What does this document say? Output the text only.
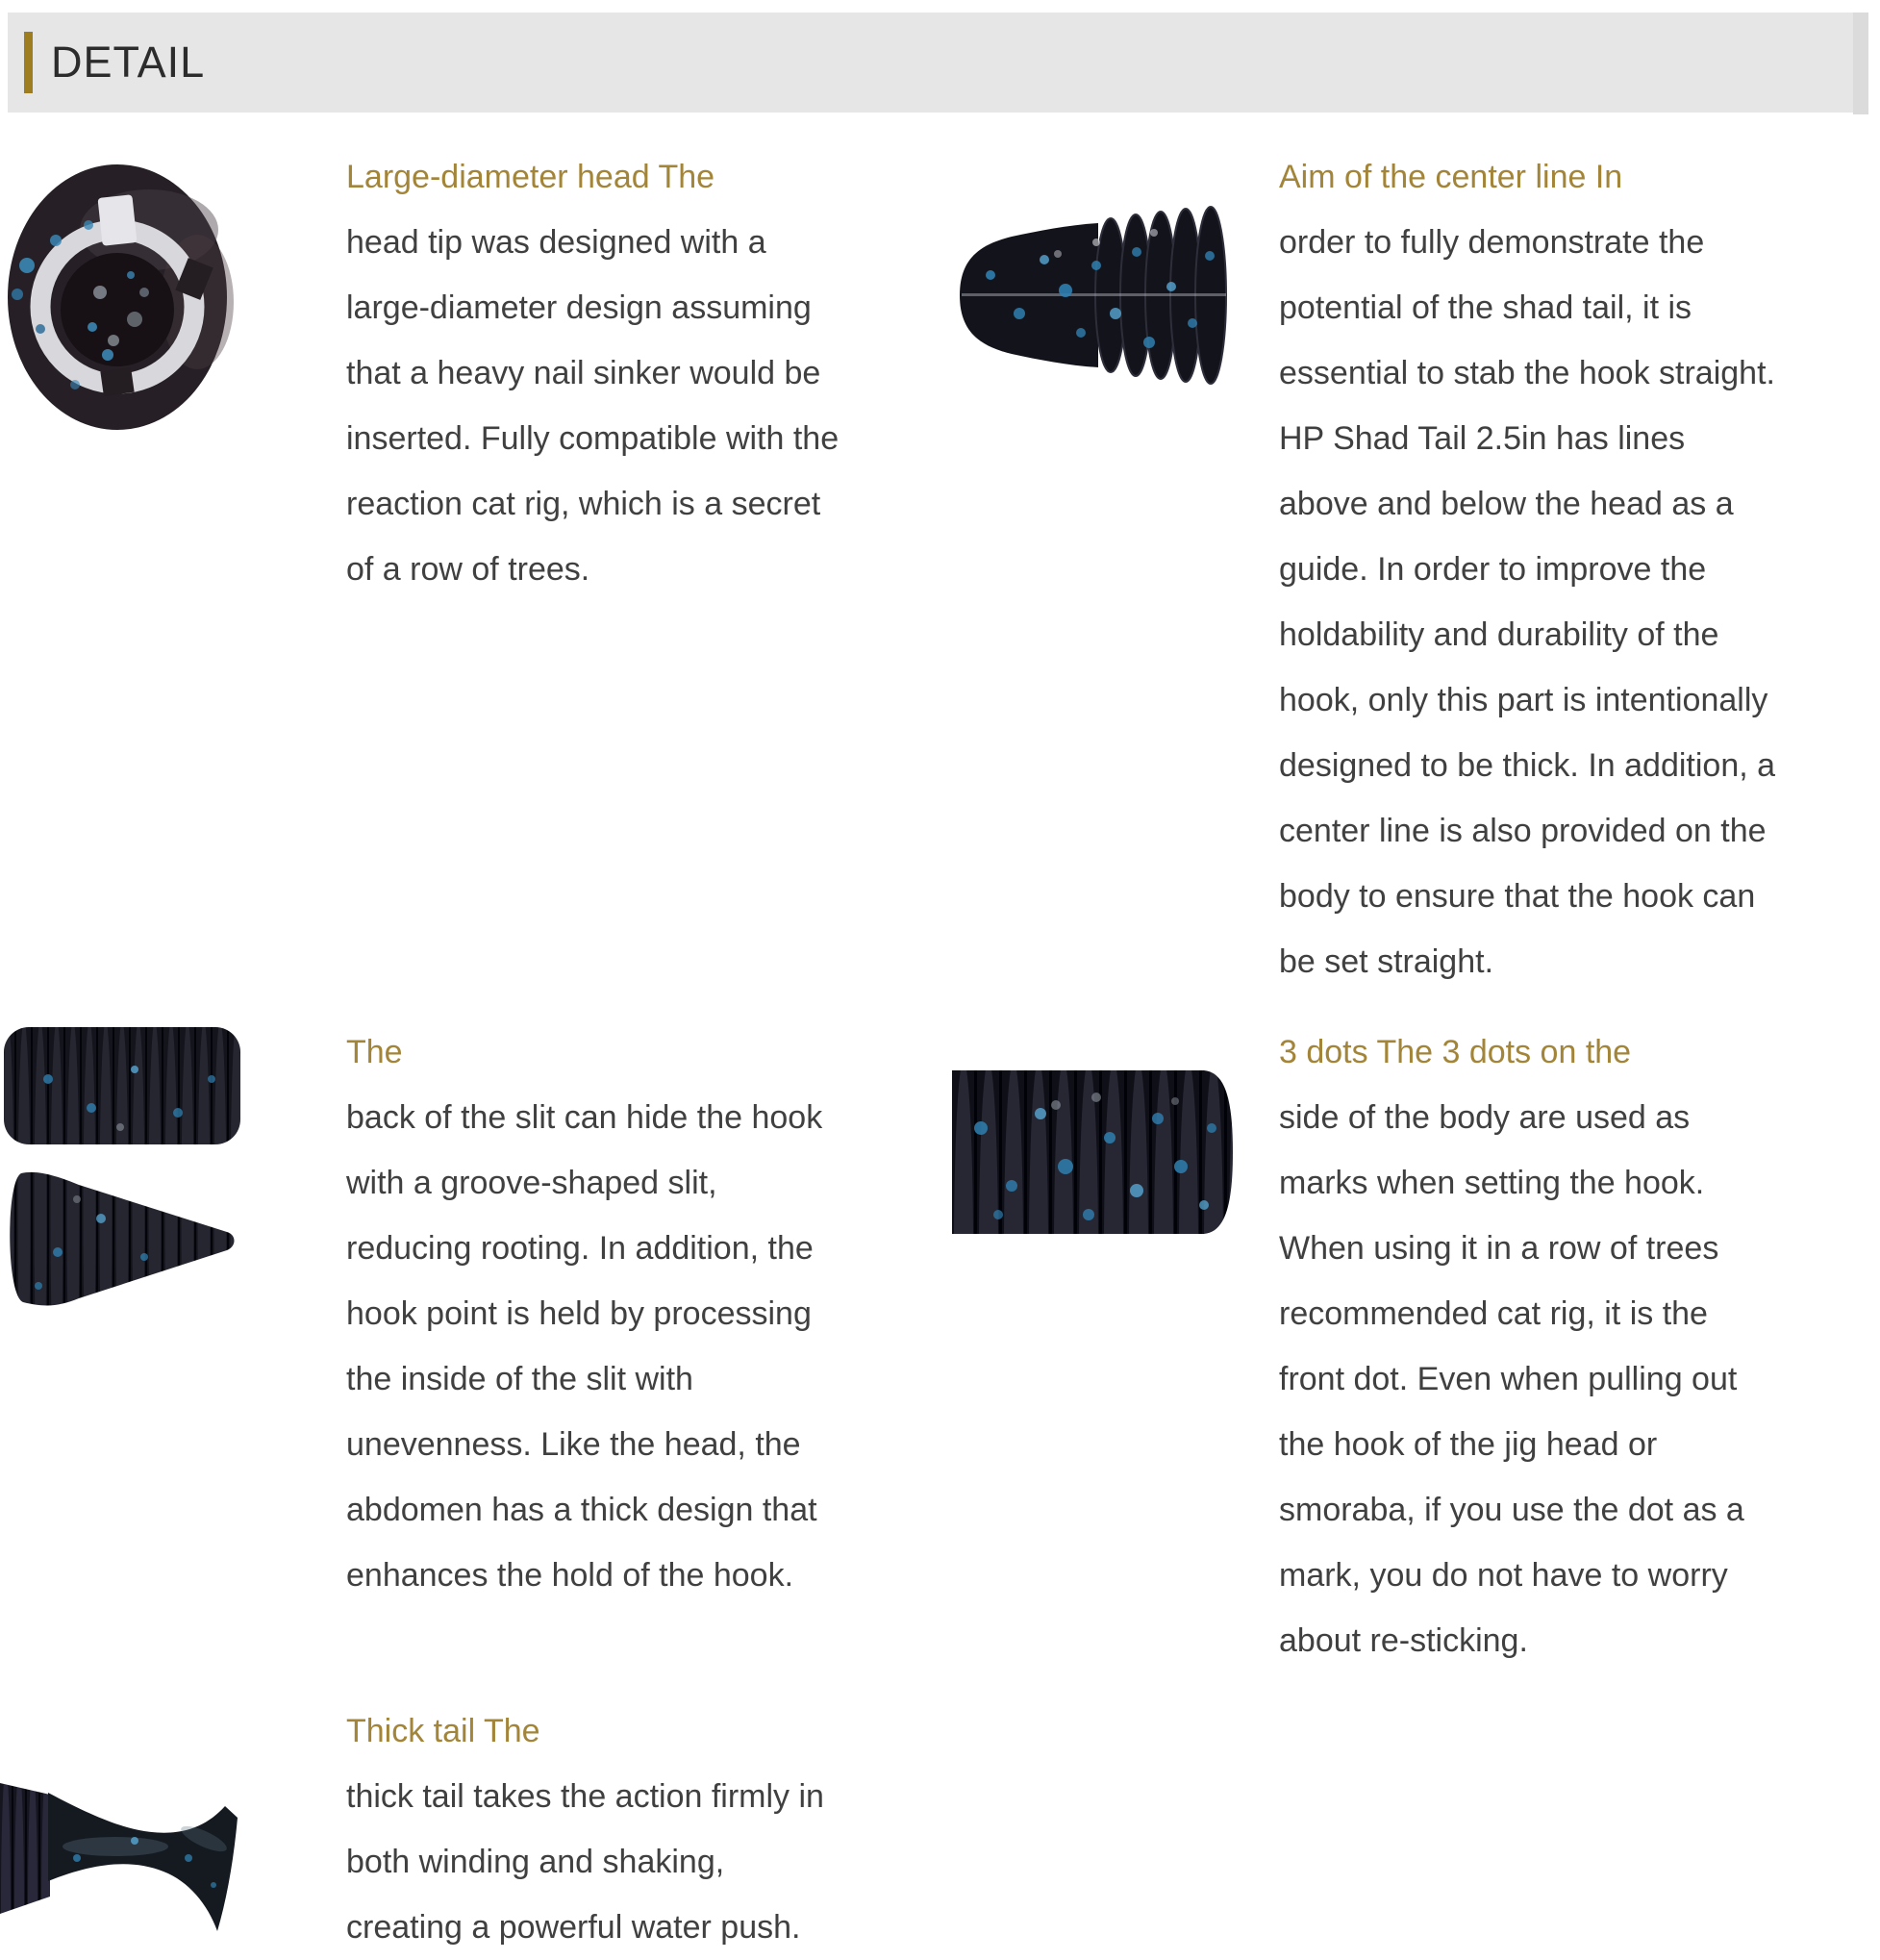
DETAIL
Large-diameter head The

head tip was designed with a large-diameter design assuming that a heavy nail sinker would be inserted. Fully compatible with the reaction cat rig, which is a secret of a row of trees.

Aim of the center line In

order to fully demonstrate the potential of the shad tail, it is essential to stab the hook straight. HP Shad Tail 2.5in has lines above and below the head as a guide. In order to improve the holdability and durability of the hook, only this part is intentionally designed to be thick. In addition, a center line is also provided on the body to ensure that the hook can be set straight.

The

back of the slit can hide the hook with a groove-shaped slit, reducing rooting. In addition, the hook point is held by processing the inside of the slit with unevenness. Like the head, the abdomen has a thick design that enhances the hold of the hook.

3 dots The 3 dots on the

side of the body are used as marks when setting the hook. When using it in a row of trees recommended cat rig, it is the front dot. Even when pulling out the hook of the jig head or smoraba, if you use the dot as a mark, you do not have to worry about re-sticking.

Thick tail The

thick tail takes the action firmly in both winding and shaking, creating a powerful water push.
